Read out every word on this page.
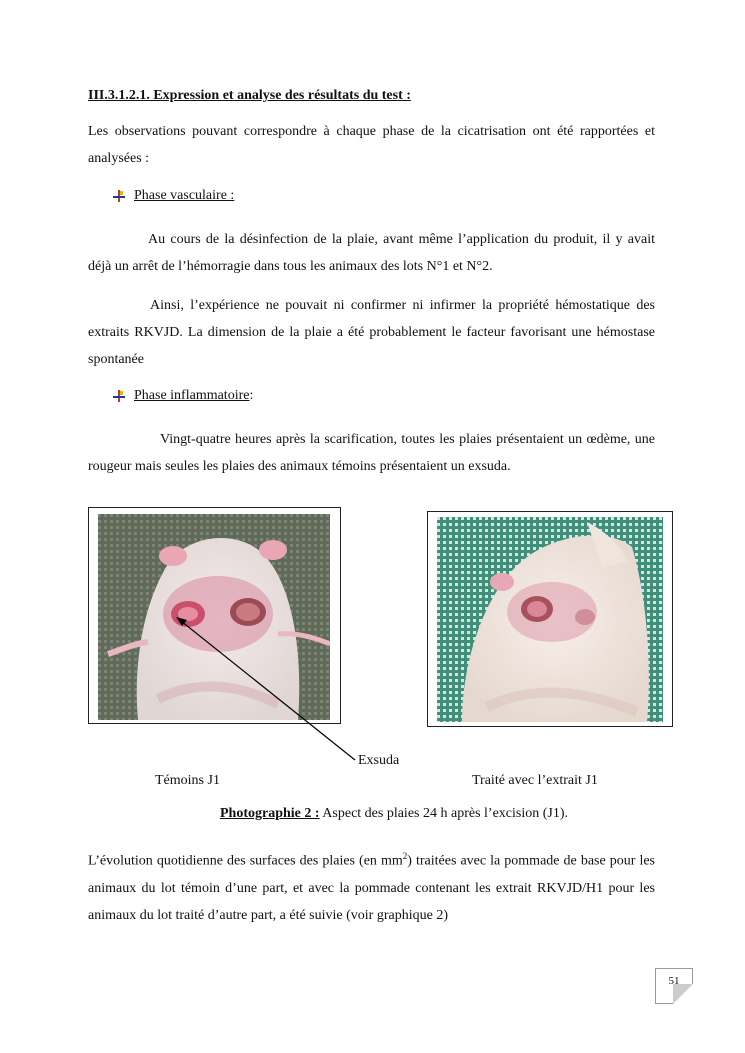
III.3.1.2.1. Expression et analyse des résultats du test :
Les observations pouvant correspondre à chaque phase de la cicatrisation ont été rapportées et analysées :
Phase vasculaire :
Au cours de la désinfection de la plaie, avant même l’application du produit, il y avait déjà un arrêt de l’hémorragie dans tous les animaux des lots N°1 et N°2.
Ainsi, l’expérience ne pouvait ni confirmer ni infirmer la propriété hémostatique des extraits RKVJD. La dimension de la plaie a été probablement le facteur favorisant une hémostase spontanée
Phase inflammatoire :
Vingt-quatre heures après la scarification, toutes les plaies présentaient un œdème, une rougeur mais seules les plaies des animaux témoins présentaient un exsuda.
Exsuda
Témoins J1	Traité avec l’extrait J1
Photographie 2 : Aspect des plaies 24 h après l’excision (J1).
L’évolution quotidienne des surfaces des plaies (en $mm^2$) traitées avec la pommade de base pour les animaux du lot témoin d’une part, et avec la pommade contenant les extrait RKVJD/H1 pour les animaux du lot traité d’autre part, a été suivie (voir graphique 2)
51
